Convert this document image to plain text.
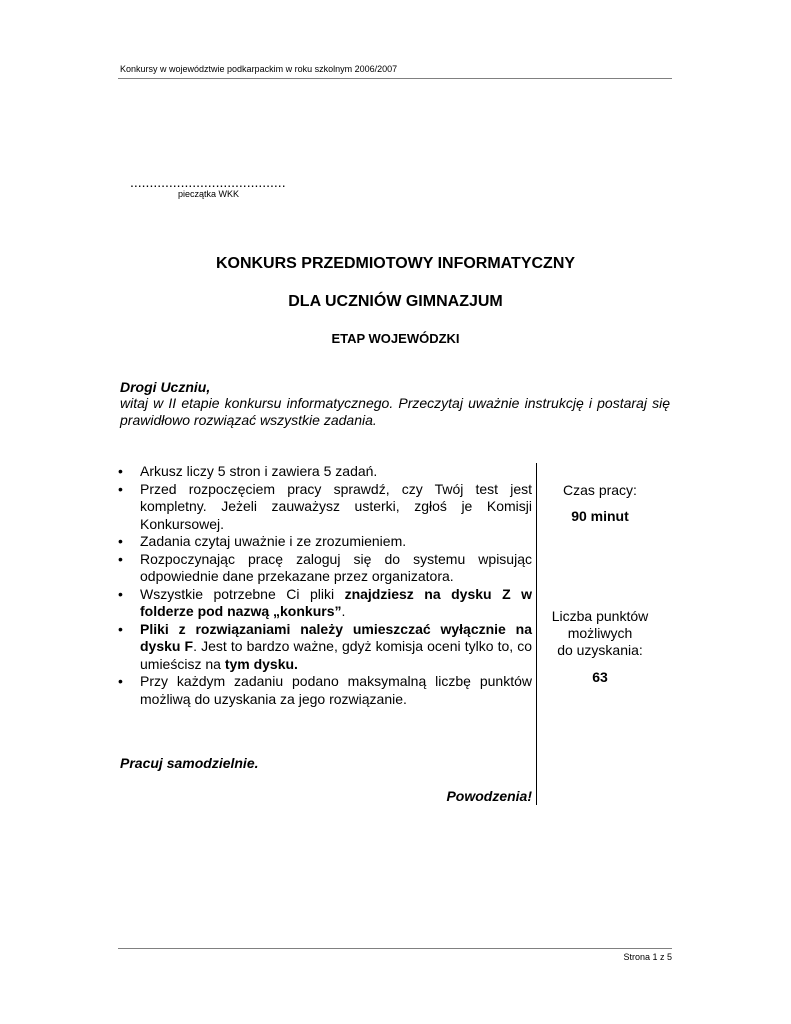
Konkursy w województwie podkarpackim w roku szkolnym 2006/2007
........................................
pieczątka WKK
KONKURS PRZEDMIOTOWY INFORMATYCZNY
DLA UCZNIÓW GIMNAZJUM
ETAP WOJEWÓDZKI
Drogi Uczniu,
witaj w II etapie konkursu informatycznego. Przeczytaj uważnie instrukcję i postaraj się prawidłowo rozwiązać wszystkie zadania.
• Arkusz liczy 5 stron i zawiera 5 zadań.
• Przed rozpoczęciem pracy sprawdź, czy Twój test jest kompletny. Jeżeli zauważysz usterki, zgłoś je Komisji Konkursowej.
• Zadania czytaj uważnie i ze zrozumieniem.
• Rozpoczynając pracę zaloguj się do systemu wpisując odpowiednie dane przekazane przez organizatora.
• Wszystkie potrzebne Ci pliki znajdziesz na dysku Z w folderze pod nazwą „konkurs”.
• Pliki z rozwiązaniami należy umieszczać wyłącznie na dysku F. Jest to bardzo ważne, gdyż komisja oceni tylko to, co umieścisz na tym dysku.
• Przy każdym zadaniu podano maksymalną liczbę punktów możliwą do uzyskania za jego rozwiązanie.
Pracuj samodzielnie.
Powodzenia!
Czas pracy:
90 minut
Liczba punktów
możliwych
do uzyskania:
63
Strona 1 z 5
